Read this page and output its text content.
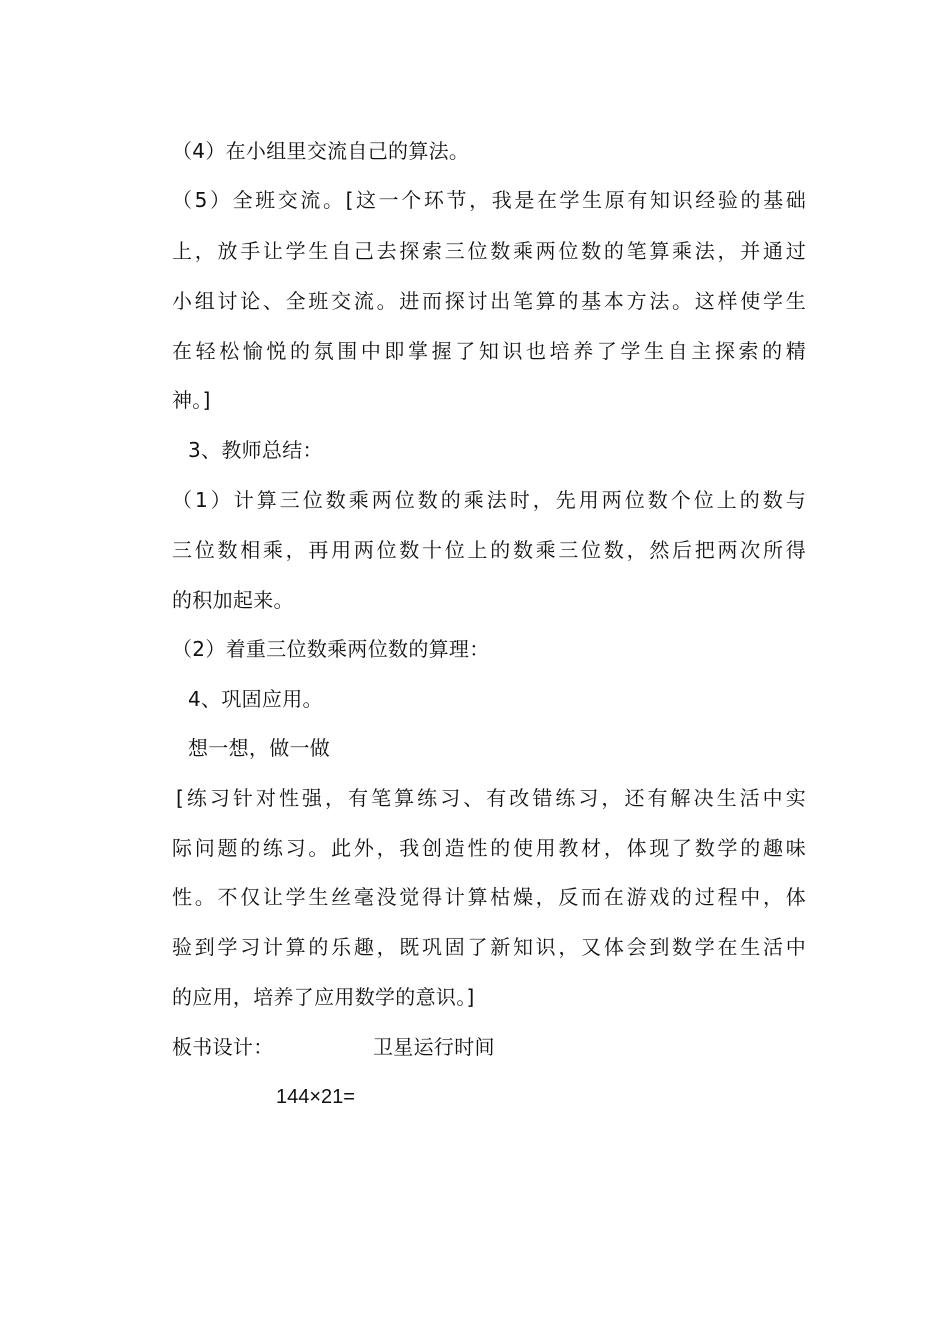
（4）在小组里交流自己的算法。
（5）全班交流。[这一个环节，我是在学生原有知识经验的基础
上，放手让学生自己去探索三位数乘两位数的笔算乘法，并通过
小组讨论、全班交流。进而探讨出笔算的基本方法。这样使学生
在轻松愉悦的氛围中即掌握了知识也培养了学生自主探索的精
神。]
3、教师总结：
（1）计算三位数乘两位数的乘法时，先用两位数个位上的数与
三位数相乘，再用两位数十位上的数乘三位数，然后把两次所得
的积加起来。
（2）着重三位数乘两位数的算理：
4、巩固应用。
想一想，做一做
[练习针对性强，有笔算练习、有改错练习，还有解决生活中实
际问题的练习。此外，我创造性的使用教材，体现了数学的趣味
性。不仅让学生丝毫没觉得计算枯燥，反而在游戏的过程中，体
验到学习计算的乐趣，既巩固了新知识，又体会到数学在生活中
的应用，培养了应用数学的意识。]
板书设计：	卫星运行时间
144×21=
